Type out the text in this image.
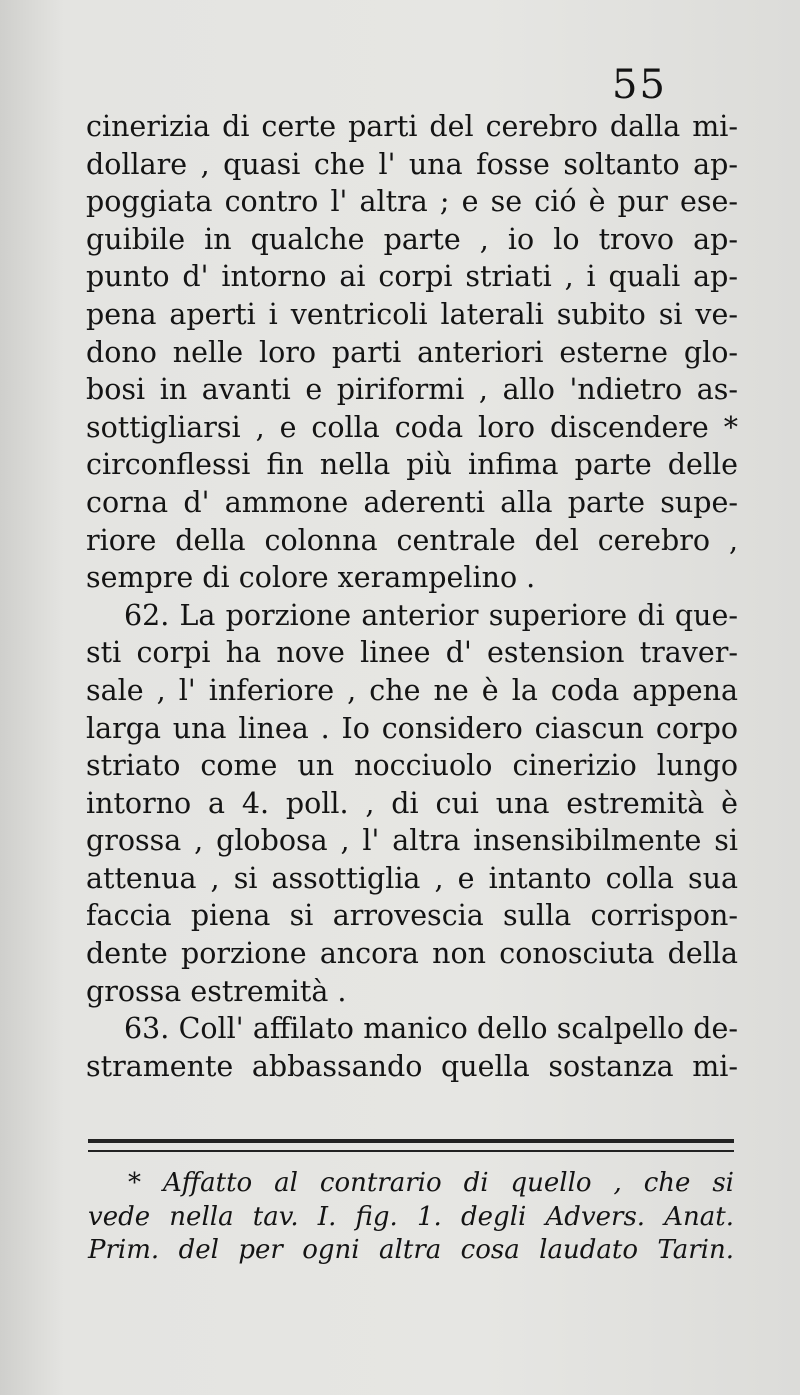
55
cinerizia di certe parti del cerebro dalla mi-
dollare , quasi che l' una fosse soltanto ap-
poggiata contro l' altra ; e se ció è pur ese-
guibile in qualche parte , io lo trovo ap-
punto d' intorno ai corpi striati , i quali ap-
pena aperti i ventricoli laterali subito si ve-
dono nelle loro parti anteriori esterne glo-
bosi in avanti e piriformi , allo 'ndietro as-
sottigliarsi , e colla coda loro discendere *
circonflessi fin nella più infima parte delle
corna d' ammone aderenti alla parte supe-
riore della colonna centrale del cerebro ,
sempre di colore xerampelino .
62. La porzione anterior superiore di que-
sti corpi ha nove linee d' estension traver-
sale , l' inferiore , che ne è la coda appena
larga una linea . Io considero ciascun corpo
striato come un nocciuolo cinerizio lungo
intorno a 4. poll. , di cui una estremità è
grossa , globosa , l' altra insensibilmente si
attenua , si assottiglia , e intanto colla sua
faccia piena si arrovescia sulla corrispon-
dente porzione ancora non conosciuta della
grossa estremità .
63. Coll' affilato manico dello scalpello de-
stramente abbassando quella sostanza mi-
* Affatto al contrario di quello , che si
vede nella tav. I. fig. 1. degli Advers. Anat.
Prim. del per ogni altra cosa laudato Tarin.
